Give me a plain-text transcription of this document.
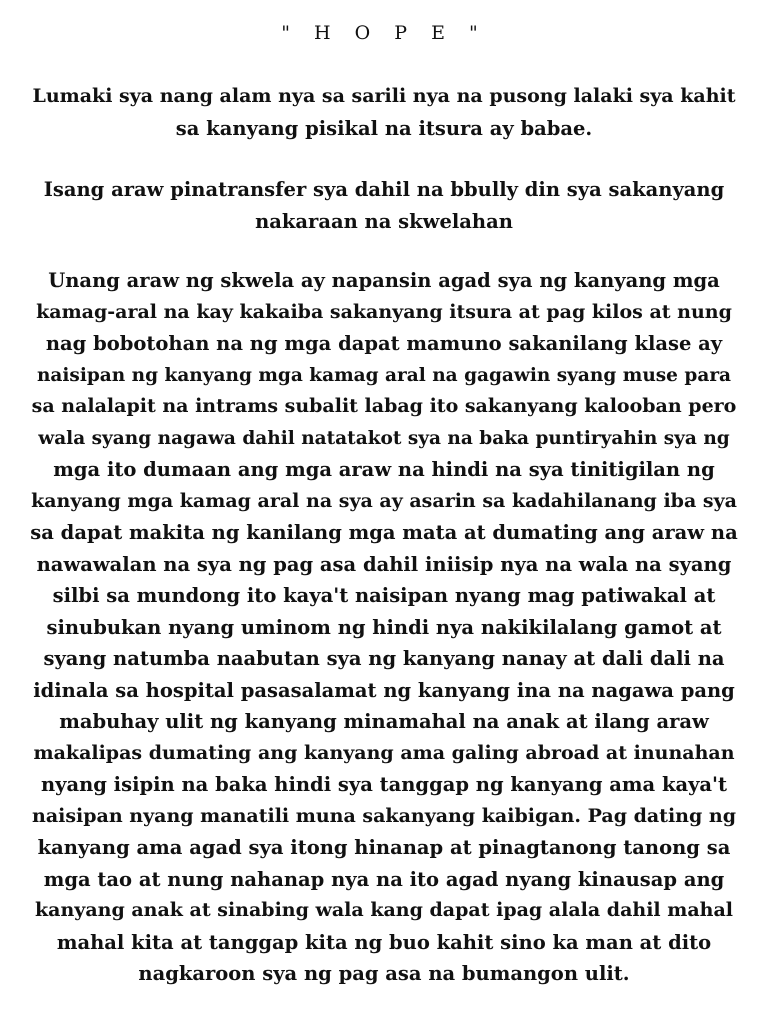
" H O P E "

Lumaki sya nang alam nya sa sarili nya na pusong lalaki sya kahit
sa kanyang pisikal na itsura ay babae.

Isang araw pinatransfer sya dahil na bbully din sya sakanyang
nakaraan na skwelahan

Unang araw ng skwela ay napansin agad sya ng kanyang mga
kamag-aral na kay kakaiba sakanyang itsura at pag kilos at nung
nag bobotohan na ng mga dapat mamuno sakanilang klase ay
naisipan ng kanyang mga kamag aral na gagawin syang muse para
sa nalalapit na intrams subalit labag ito sakanyang kalooban pero
wala syang nagawa dahil natatakot sya na baka puntiryahin sya ng
mga ito dumaan ang mga araw na hindi na sya tinitigilan ng
kanyang mga kamag aral na sya ay asarin sa kadahilanang iba sya
sa dapat makita ng kanilang mga mata at dumating ang araw na
nawawalan na sya ng pag asa dahil iniisip nya na wala na syang
silbi sa mundong ito kaya't naisipan nyang mag patiwakal at
sinubukan nyang uminom ng hindi nya nakikilalang gamot at
syang natumba naabutan sya ng kanyang nanay at dali dali na
idinala sa hospital pasasalamat ng kanyang ina na nagawa pang
mabuhay ulit ng kanyang minamahal na anak at ilang araw
makalipas dumating ang kanyang ama galing abroad at inunahan
nyang isipin na baka hindi sya tanggap ng kanyang ama kaya't
naisipan nyang manatili muna sakanyang kaibigan. Pag dating ng
kanyang ama agad sya itong hinanap at pinagtanong tanong sa
mga tao at nung nahanap nya na ito agad nyang kinausap ang
kanyang anak at sinabing wala kang dapat ipag alala dahil mahal
mahal kita at tanggap kita ng buo kahit sino ka man at dito
nagkaroon sya ng pag asa na bumangon ulit.
